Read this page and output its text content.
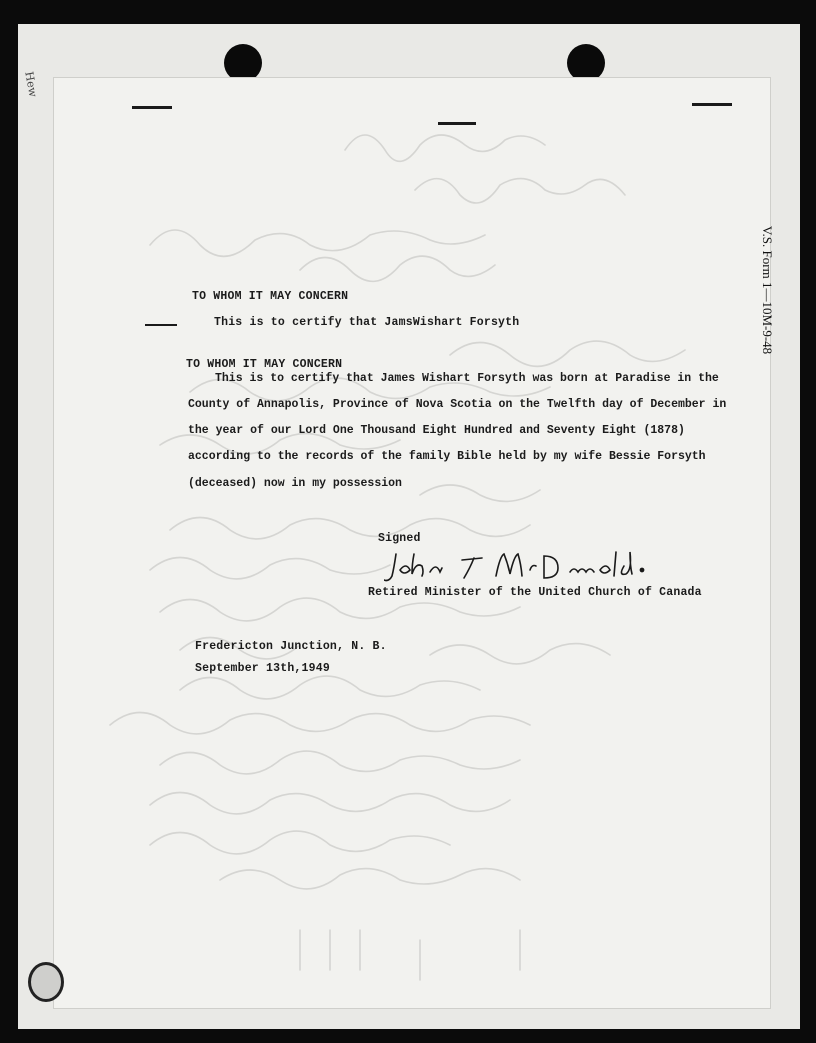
Hew
V.S. Form 1—10M-9-48
TO WHOM IT MAY CONCERN
This is to certify that JamsWishart Forsyth
TO WHOM IT MAY CONCERN
This is to certify that James Wishart Forsyth was born at Paradise in the
County of Annapolis, Province of Nova Scotia on the Twelfth day of December in
the year of our Lord One Thousand Eight Hundred and Seventy Eight (1878)
according to the records of the family Bible held by my wife Bessie Forsyth
(deceased) now in my possession
Signed
Retired Minister of the United Church of Canada
Fredericton Junction, N. B.
September 13th,1949
